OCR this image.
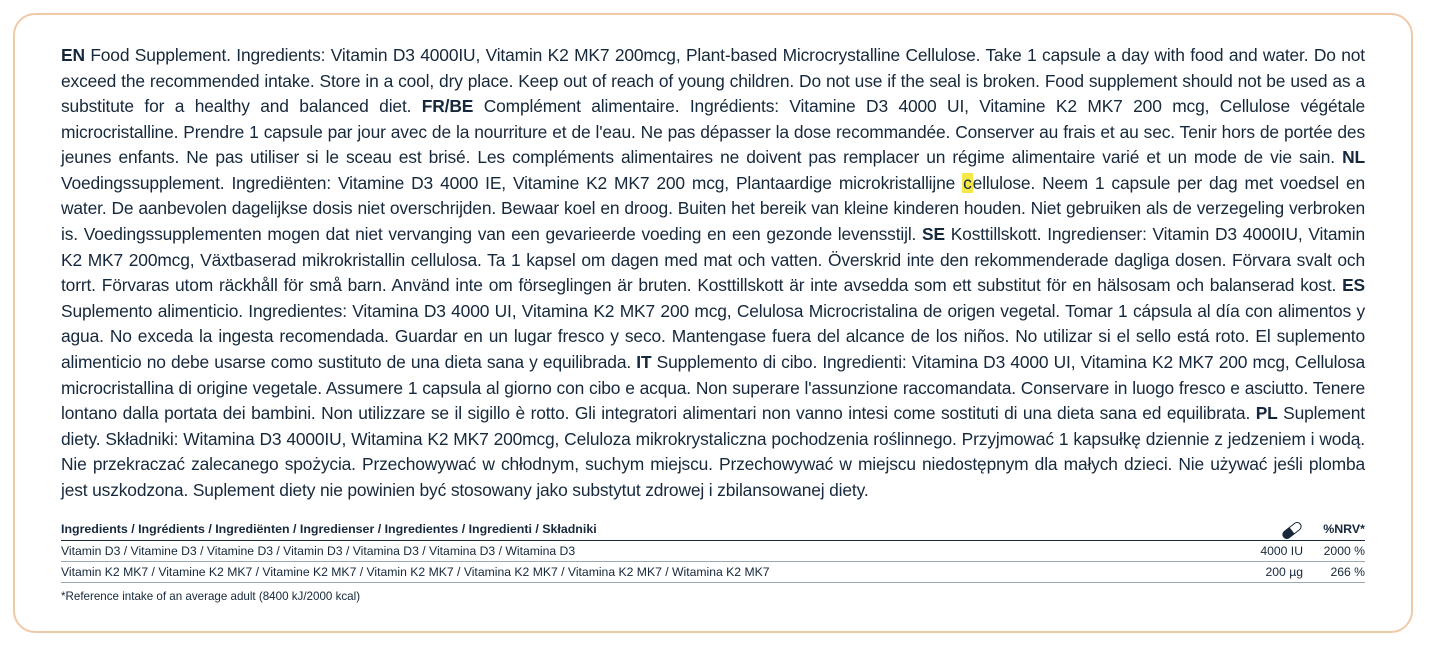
EN Food Supplement. Ingredients: Vitamin D3 4000IU, Vitamin K2 MK7 200mcg, Plant-based Microcrystalline Cellulose. Take 1 capsule a day with food and water. Do not exceed the recommended intake. Store in a cool, dry place. Keep out of reach of young children. Do not use if the seal is broken. Food supplement should not be used as a substitute for a healthy and balanced diet. FR/BE Complément alimentaire. Ingrédients: Vitamine D3 4000 UI, Vitamine K2 MK7 200 mcg, Cellulose végétale microcristalline. Prendre 1 capsule par jour avec de la nourriture et de l'eau. Ne pas dépasser la dose recommandée. Conserver au frais et au sec. Tenir hors de portée des jeunes enfants. Ne pas utiliser si le sceau est brisé. Les compléments alimentaires ne doivent pas remplacer un régime alimentaire varié et un mode de vie sain. NL Voedingssupplement. Ingrediënten: Vitamine D3 4000 IE, Vitamine K2 MK7 200 mcg, Plantaardige microkristallijne cellulose. Neem 1 capsule per dag met voedsel en water. De aanbevolen dagelijkse dosis niet overschrijden. Bewaar koel en droog. Buiten het bereik van kleine kinderen houden. Niet gebruiken als de verzegeling verbroken is. Voedingssupplementen mogen dat niet vervanging van een gevarieerde voeding en een gezonde levensstijl. SE Kosttillskott. Ingredienser: Vitamin D3 4000IU, Vitamin K2 MK7 200mcg, Växtbaserad mikrokristallin cellulosa. Ta 1 kapsel om dagen med mat och vatten. Överskrid inte den rekommenderade dagliga dosen. Förvara svalt och torrt. Förvaras utom räckhåll för små barn. Använd inte om förseglingen är bruten. Kosttillskott är inte avsedda som ett substitut för en hälsosam och balanserad kost. ES Suplemento alimenticio. Ingredientes: Vitamina D3 4000 UI, Vitamina K2 MK7 200 mcg, Celulosa Microcristalina de origen vegetal. Tomar 1 cápsula al día con alimentos y agua. No exceda la ingesta recomendada. Guardar en un lugar fresco y seco. Mantengase fuera del alcance de los niños. No utilizar si el sello está roto. El suplemento alimenticio no debe usarse como sustituto de una dieta sana y equilibrada. IT Supplemento di cibo. Ingredienti: Vitamina D3 4000 UI, Vitamina K2 MK7 200 mcg, Cellulosa microcristallina di origine vegetale. Assumere 1 capsula al giorno con cibo e acqua. Non superare l'assunzione raccomandata. Conservare in luogo fresco e asciutto. Tenere lontano dalla portata dei bambini. Non utilizzare se il sigillo è rotto. Gli integratori alimentari non vanno intesi come sostituti di una dieta sana ed equilibrata. PL Suplement diety. Składniki: Witamina D3 4000IU, Witamina K2 MK7 200mcg, Celuloza mikrokrystaliczna pochodzenia roślinnego. Przyjmować 1 kapsułkę dziennie z jedzeniem i wodą. Nie przekraczać zalecanego spożycia. Przechowywać w chłodnym, suchym miejscu. Przechowywać w miejscu niedostępnym dla małych dzieci. Nie używać jeśli plomba jest uszkodzona. Suplement diety nie powinien być stosowany jako substytut zdrowej i zbilansowanej diety.

Ingredients / Ingrédients / Ingrediënten / Ingredienser / Ingredientes / Ingredienti / Składniki		%NRV*
Vitamin D3 / Vitamine D3 / Vitamine D3 / Vitamin D3 / Vitamina D3 / Vitamina D3 / Witamina D3	4000 IU	2000 %
Vitamin K2 MK7 / Vitamine K2 MK7 / Vitamine K2 MK7 / Vitamin K2 MK7 / Vitamina K2 MK7 / Vitamina K2 MK7 / Witamina K2 MK7	200 µg	266 %
*Reference intake of an average adult (8400 kJ/2000 kcal)
